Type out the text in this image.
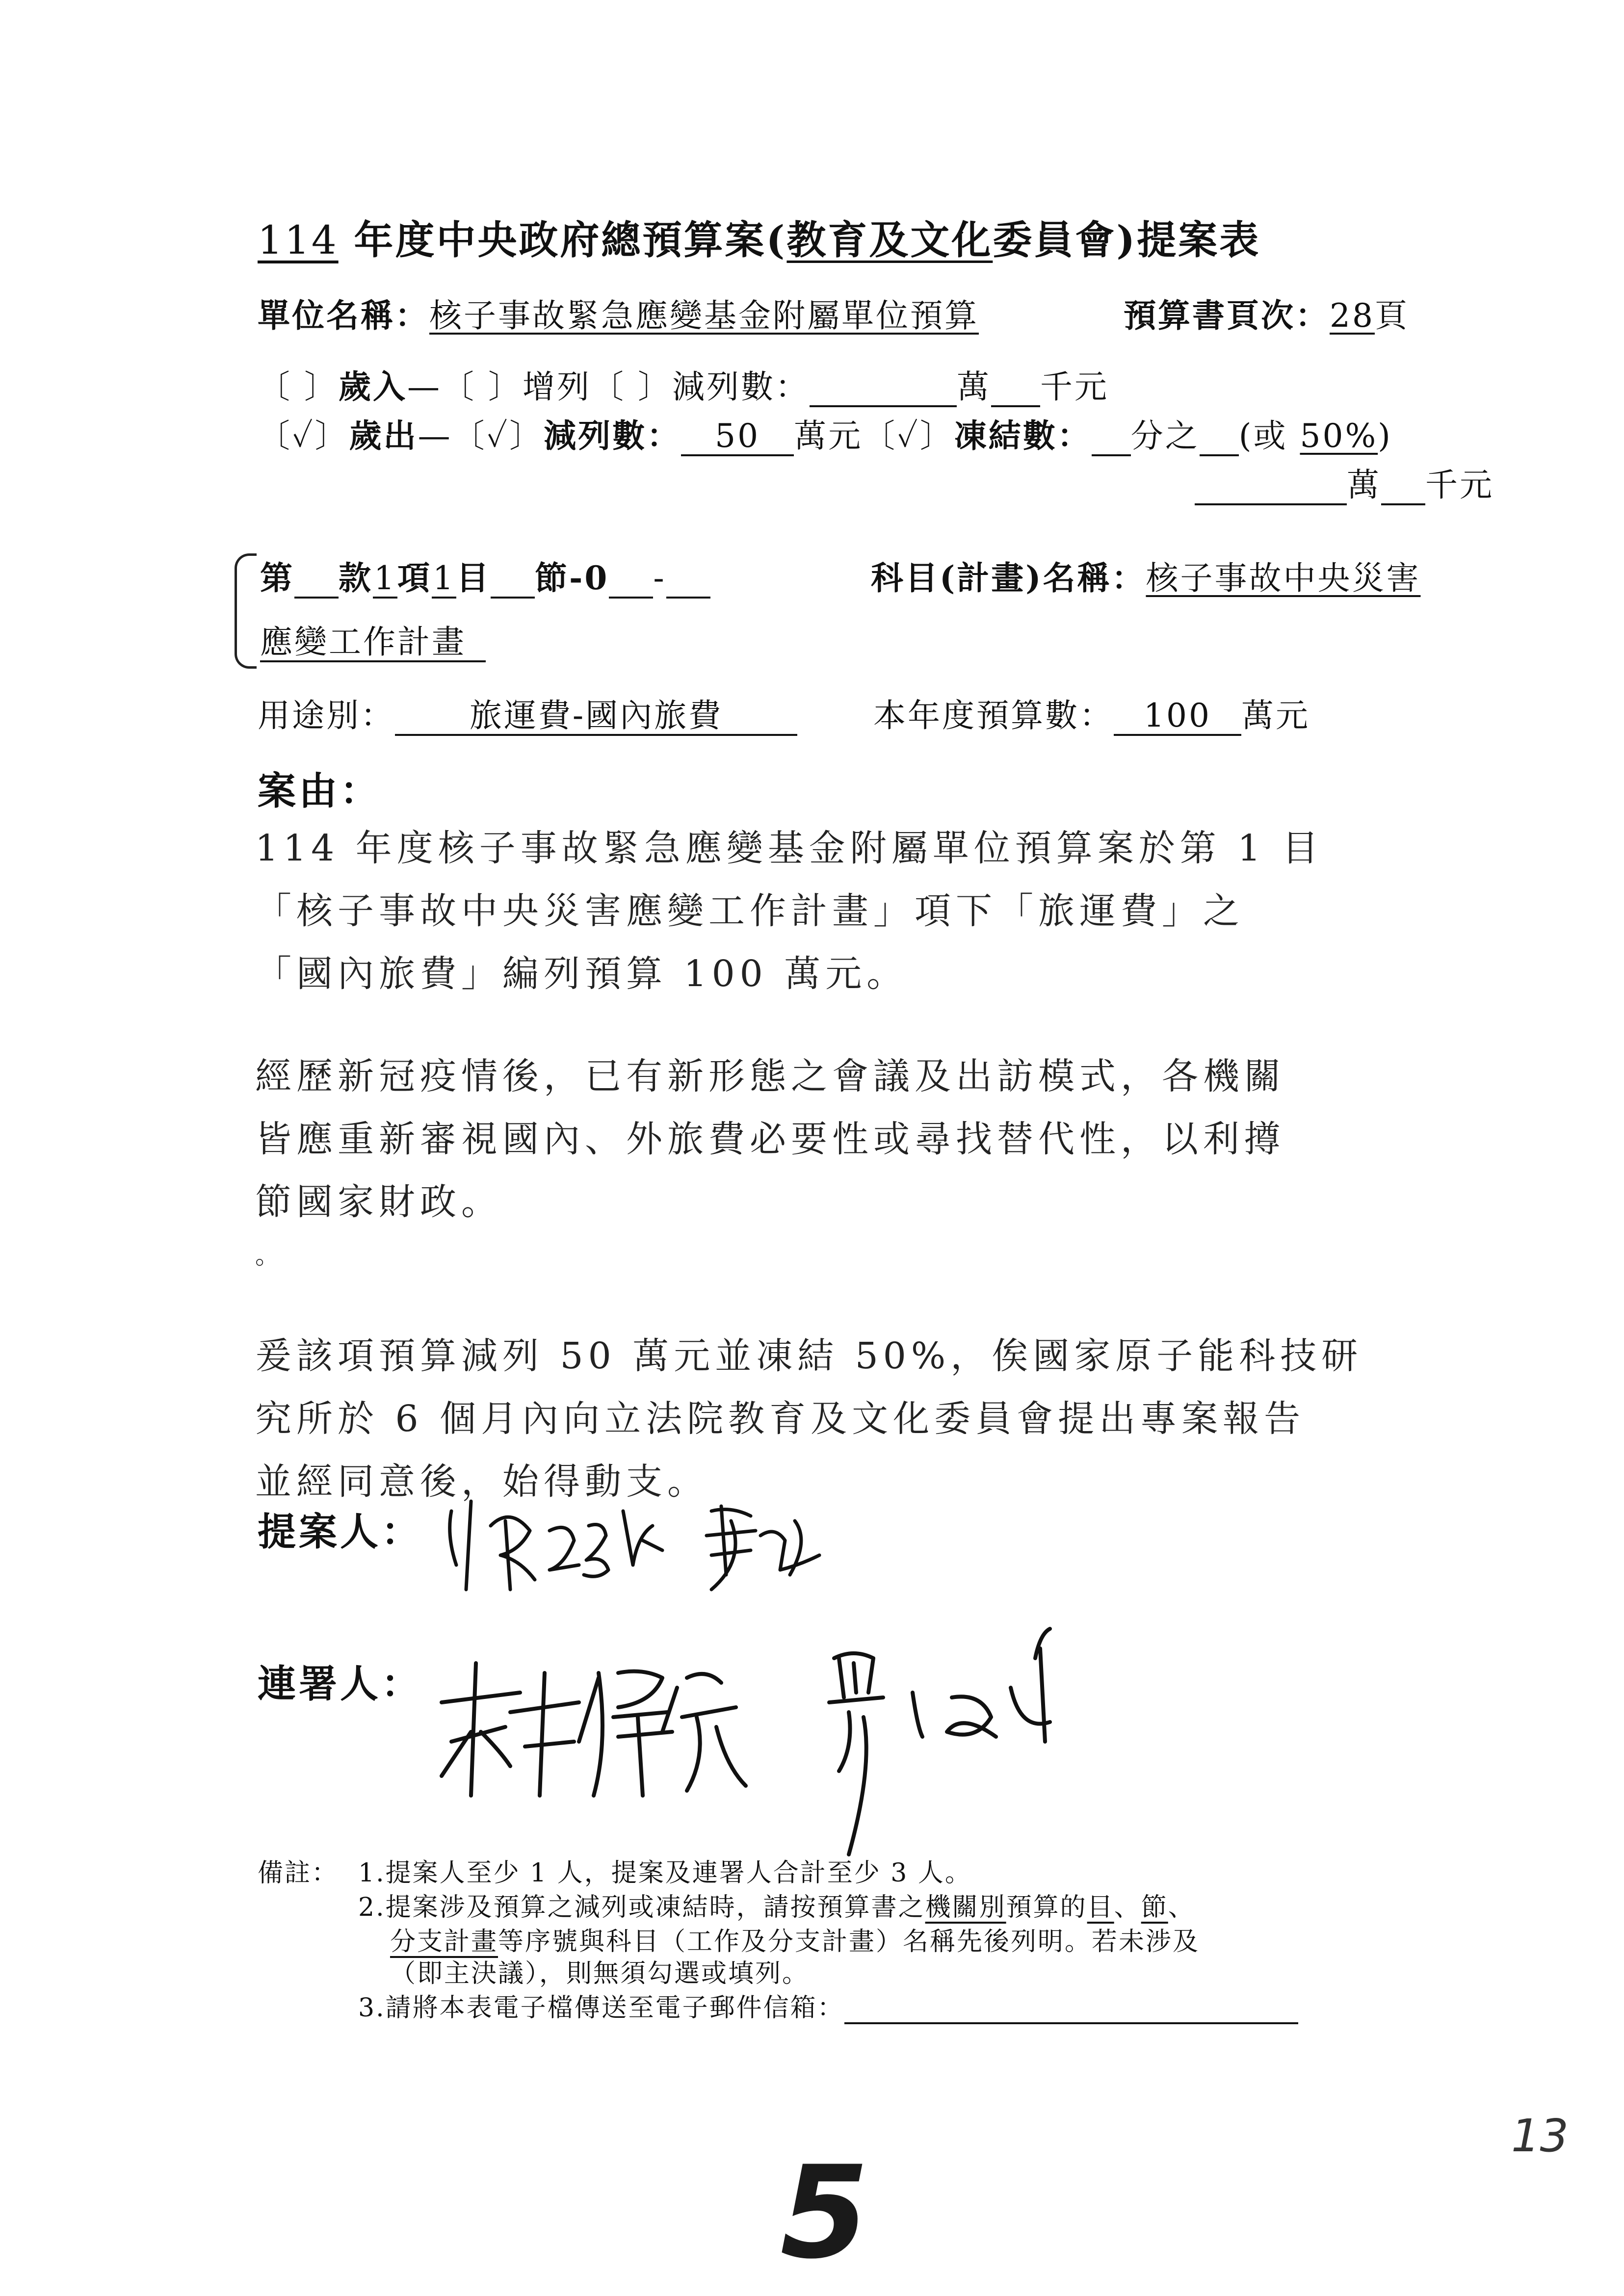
114 年度中央政府總預算案(教育及文化委員會)提案表
單位名稱：核子事故緊急應變基金附屬單位預算	預算書頁次：28頁
〔 〕歲入—〔 〕增列〔 〕減列數：	萬 千元
〔✓〕歲出—〔✓〕減列數： 50 萬元〔✓〕凍結數： 分之 (或 50%)
萬 千元
第 款1項1目 節-0 -	科目(計畫)名稱：核子事故中央災害
應變工作計畫
用途別： 旅運費-國內旅費	本年度預算數： 100 萬元
案由：
114 年度核子事故緊急應變基金附屬單位預算案於第 1 目
「核子事故中央災害應變工作計畫」項下「旅運費」之
「國內旅費」編列預算 100 萬元。
經歷新冠疫情後，已有新形態之會議及出訪模式，各機關
皆應重新審視國內、外旅費必要性或尋找替代性，以利撙
節國家財政。
。
爰該項預算減列 50 萬元並凍結 50%，俟國家原子能科技研
究所於 6 個月內向立法院教育及文化委員會提出專案報告
並經同意後，始得動支。
提案人：
連署人：
備註： 1.提案人至少 1 人，提案及連署人合計至少 3 人。
2.提案涉及預算之減列或凍結時，請按預算書之機關別預算的目、節、
分支計畫等序號與科目（工作及分支計畫）名稱先後列明。若未涉及
（即主決議），則無須勾選或填列。
3.請將本表電子檔傳送至電子郵件信箱：
5
13
